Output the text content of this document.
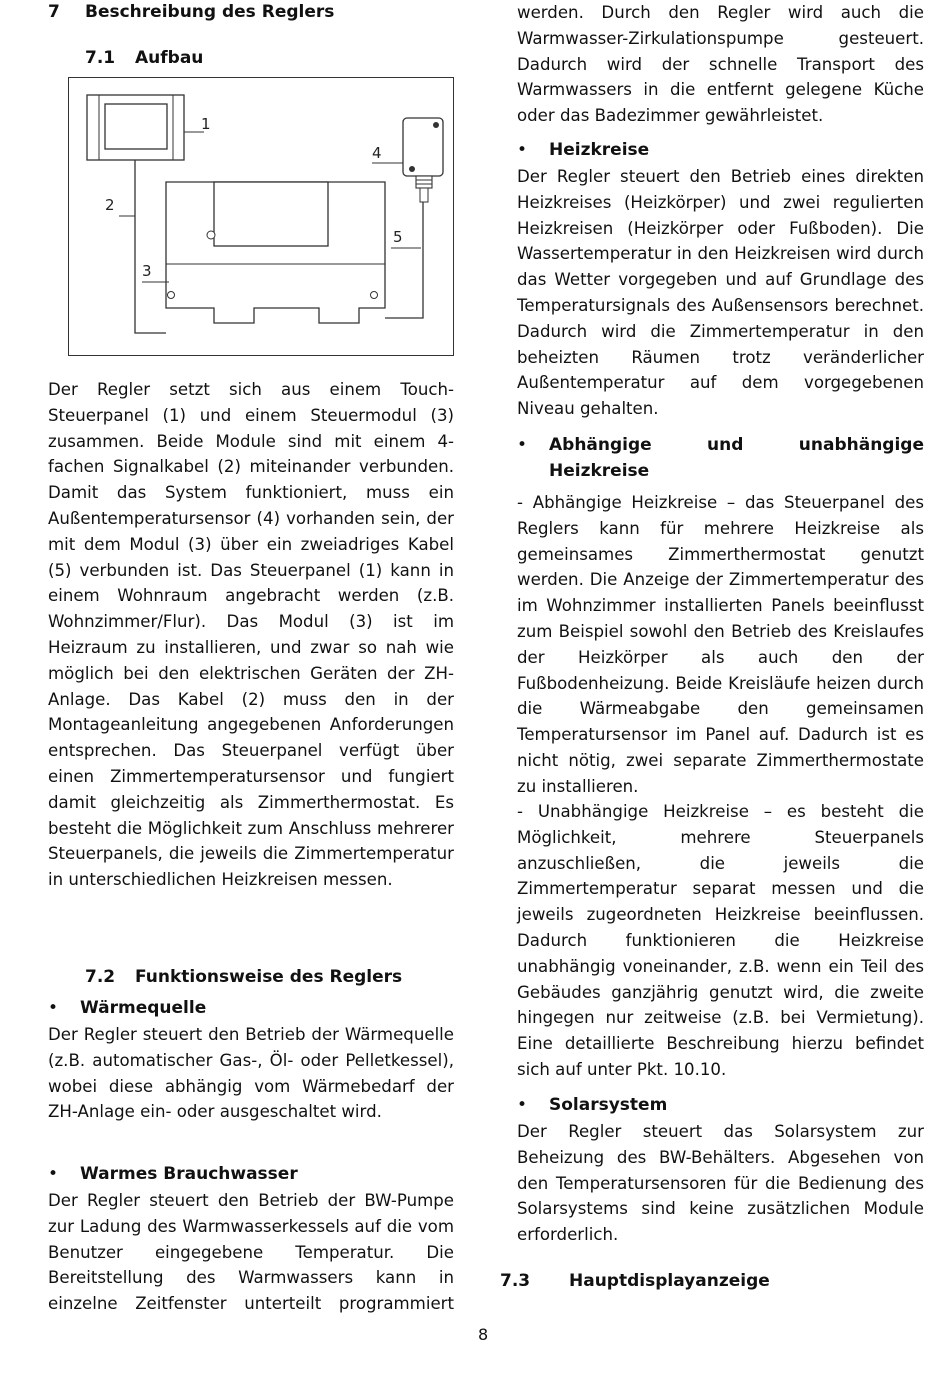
7 Beschreibung des Reglers
7.1 Aufbau

Der Regler setzt sich aus einem Touch-Steuerpanel (1) und einem Steuermodul (3) zusammen. Beide Module sind mit einem 4-fachen Signalkabel (2) miteinander verbunden. Damit das System funktioniert, muss ein Außentemperatursensor (4) vorhanden sein, der mit dem Modul (3) über ein zweiadriges Kabel (5) verbunden ist. Das Steuerpanel (1) kann in einem Wohnraum angebracht werden (z.B. Wohnzimmer/Flur). Das Modul (3) ist im Heizraum zu installieren, und zwar so nah wie möglich bei den elektrischen Geräten der ZH-Anlage. Das Kabel (2) muss den in der Montageanleitung angegebenen Anforderungen entsprechen. Das Steuerpanel verfügt über einen Zimmertemperatursensor und fungiert damit gleichzeitig als Zimmerthermostat. Es besteht die Möglichkeit zum Anschluss mehrerer Steuerpanels, die jeweils die Zimmertemperatur in unterschiedlichen Heizkreisen messen.

7.2 Funktionsweise des Reglers
• Wärmequelle

Der Regler steuert den Betrieb der Wärmequelle (z.B. automatischer Gas-, Öl- oder Pelletkessel), wobei diese abhängig vom Wärmebedarf der ZH-Anlage ein- oder ausgeschaltet wird.

• Warmes Brauchwasser

Der Regler steuert den Betrieb der BW-Pumpe zur Ladung des Warmwasserkessels auf die vom Benutzer eingegebene Temperatur. Die Bereitstellung des Warmwassers kann in einzelne Zeitfenster unterteilt programmiert

1
2
3
5
4

werden. Durch den Regler wird auch die Warmwasser-Zirkulationspumpe gesteuert. Dadurch wird der schnelle Transport des Warmwassers in die entfernt gelegene Küche oder das Badezimmer gewährleistet.

• Heizkreise

Der Regler steuert den Betrieb eines direkten Heizkreises (Heizkörper) und zwei regulierten Heizkreisen (Heizkörper oder Fußboden). Die Wassertemperatur in den Heizkreisen wird durch das Wetter vorgegeben und auf Grundlage des Temperatursignals des Außensensors berechnet. Dadurch wird die Zimmertemperatur in den beheizten Räumen trotz veränderlicher Außentemperatur auf dem vorgegebenen Niveau gehalten.

• Abhängige und unabhängige
Heizkreise

- Abhängige Heizkreise – das Steuerpanel des Reglers kann für mehrere Heizkreise als gemeinsames Zimmerthermostat genutzt werden. Die Anzeige der Zimmertemperatur des im Wohnzimmer installierten Panels beeinflusst zum Beispiel sowohl den Betrieb des Kreislaufes der Heizkörper als auch den der Fußbodenheizung. Beide Kreisläufe heizen durch die Wärmeabgabe den gemeinsamen Temperatursensor im Panel auf. Dadurch ist es nicht nötig, zwei separate Zimmerthermostate zu installieren.

- Unabhängige Heizkreise – es besteht die Möglichkeit, mehrere Steuerpanels anzuschließen, die jeweils die Zimmertemperatur separat messen und die jeweils zugeordneten Heizkreise beeinflussen. Dadurch funktionieren die Heizkreise unabhängig voneinander, z.B. wenn ein Teil des Gebäudes ganzjährig genutzt wird, die zweite hingegen nur zeitweise (z.B. bei Vermietung). Eine detaillierte Beschreibung hierzu befindet sich auf unter Pkt. 10.10.

• Solarsystem

Der Regler steuert das Solarsystem zur Beheizung des BW-Behälters. Abgesehen von den Temperatursensoren für die Bedienung des Solarsystems sind keine zusätzlichen Module erforderlich.

7.3 Hauptdisplayanzeige
8
